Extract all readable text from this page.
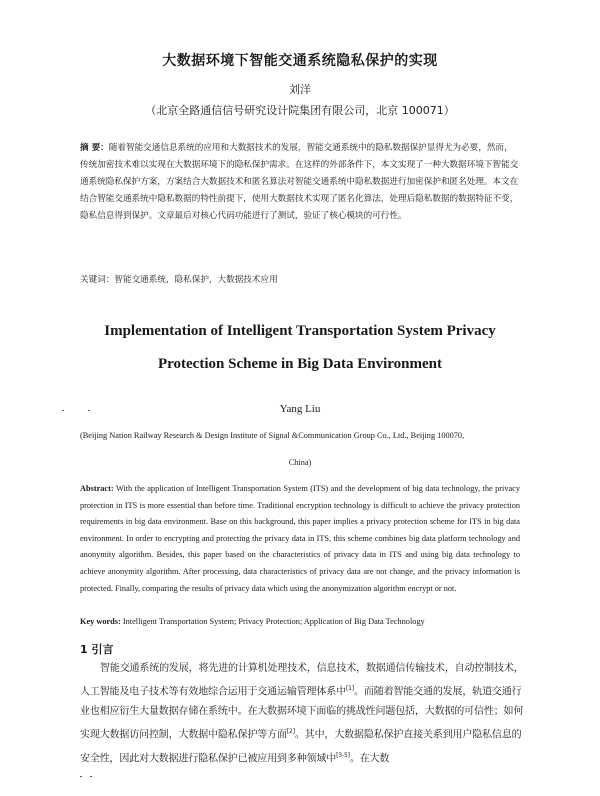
大数据环境下智能交通系统隐私保护的实现
刘洋
（北京全路通信信号研究设计院集团有限公司，北京 100071）

摘 要：随着智能交通信息系统的应用和大数据技术的发展，智能交通系统中的隐私数据保护显得尤为必要，然而，传统加密技术难以实现在大数据环境下的隐私保护需求。在这样的外部条件下，本文实现了一种大数据环境下智能交通系统隐私保护方案，方案结合大数据技术和匿名算法对智能交通系统中隐私数据进行加密保护和匿名处理。本文在结合智能交通系统中隐私数据的特性前提下，使用大数据技术实现了匿名化算法，处理后隐私数据的数据特征不变，隐私信息得到保护。文章最后对核心代码功能进行了测试，验证了核心模块的可行性。

关键词：智能交通系统，隐私保护，大数据技术应用

Implementation of Intelligent Transportation System Privacy
Protection Scheme in Big Data Environment
Yang Liu
(Beijing Nation Railway Research & Design Institute of Signal &Communication Group Co., Ltd., Beijing 100070,
China)

Abstract: With the application of Intelligent Transportation System (ITS) and the development of big data technology, the privacy protection in ITS is more essential than before time. Traditional encryption technology is difficult to achieve the privacy protection requirements in big data environment. Base on this background, this paper implies a privacy protection scheme for ITS in big data environment. In order to encrypting and protecting the privacy data in ITS, this scheme combines big data platform technology and anonymity algorithm. Besides, this paper based on the characteristics of privacy data in ITS and using big data technology to achieve anonymity algorithm. After processing, data characteristics of privacy data are not change, and the privacy information is protected. Finally, comparing the results of privacy data which using the anonymization algorithm encrypt or not.

Key words: Intelligent Transportation System; Privacy Protection; Application of Big Data Technology

1 引言

智能交通系统的发展，将先进的计算机处理技术，信息技术，数据通信传输技术，自动控制技术，人工智能及电子技术等有效地综合运用于交通运输管理体系中[1]。而随着智能交通的发展，轨道交通行业也相应衍生大量数据存储在系统中。在大数据环境下面临的挑战性问题包括，大数据的可信性；如何实现大数据访问控制，大数据中隐私保护等方面[2]。其中，大数据隐私保护直接关系到用户隐私信息的安全性，因此对大数据进行隐私保护已被应用到多种领域中[3-5]。在大数
